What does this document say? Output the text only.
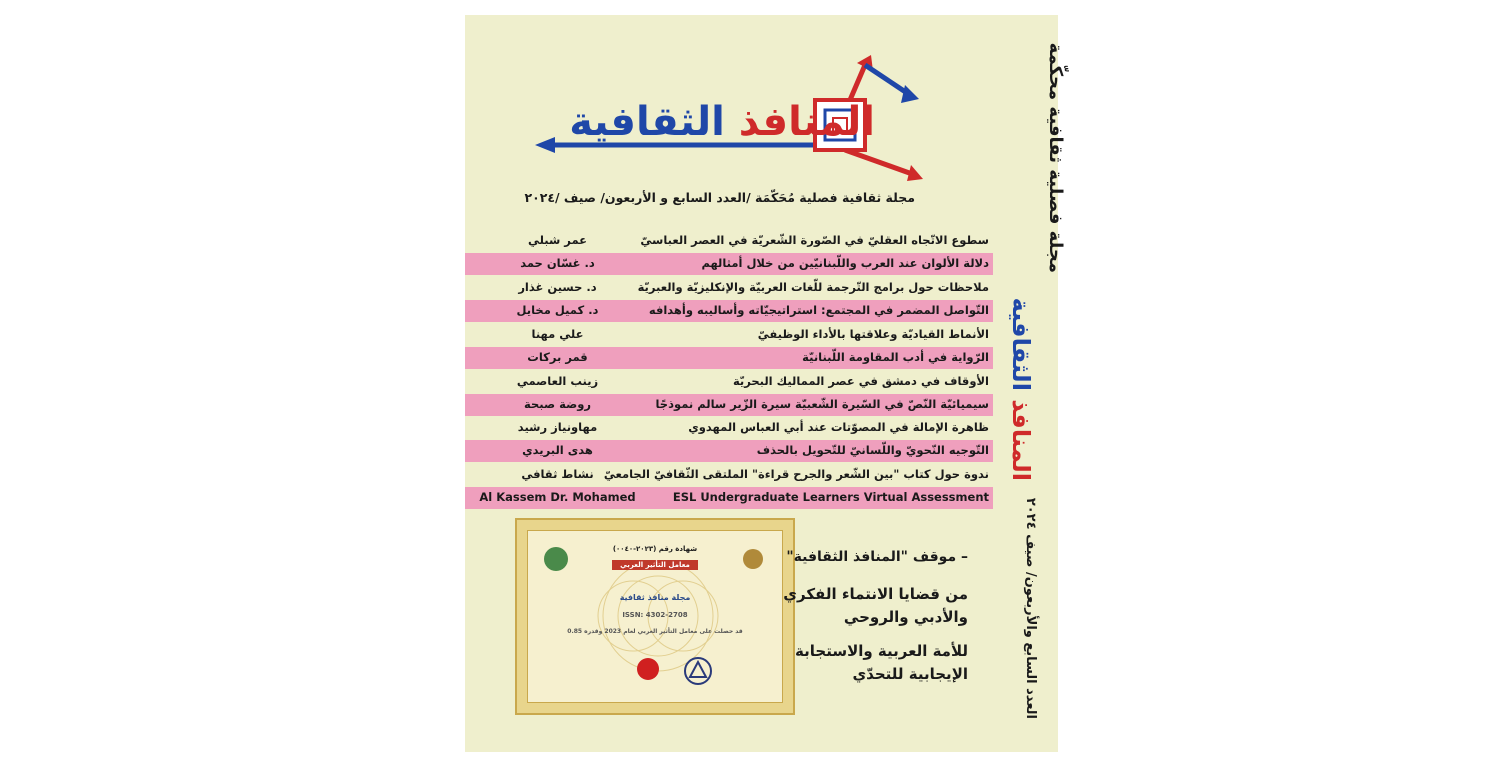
المنافذ الثقافية
مجلة ثقافية فصلية مُحَكّمَة /العدد السابع و الأربعون/ صيف /٢٠٢٤
سطوع الاتّجاه العقليّ في الصّورة الشّعريّة في العصر العباسيّ
عمر شبلي
دلالة الألوان عند العرب واللّبنانيّين من خلال أمثالهم
د. غسّان حمد
ملاحظات حول برامج التّرجمة للّغات العربيّة والإنكليزيّة والعبريّة
د. حسين غذار
التّواصل المضمر في المجتمع: استراتيجيّاته وأساليبه وأهدافه
د. كميل مخايل
الأنماط القياديّة وعلاقتها بالأداء الوظيفيّ
علي مهنا
الرّواية في أدب المقاومة اللّبنانيّة
قمر بركات
الأوقاف في دمشق في عصر المماليك البحريّة
زينب العاصمي
سيميائيّة النّصّ في السّيرة الشّعبيّة سيرة الزّير سالم نموذجًا
روضة صبحة
ظاهرة الإمالة في المصوّتات عند أبي العباس المهدوي
مهاونياز رشيد
التّوجيه النّحويّ واللّسانيّ للتّحويل بالحذف
هدى البريدي
ندوة حول كتاب "بين الشّعر والجرح قراءة" الملتقى الثّقافيّ الجامعيّ
نشاط ثقافي
ESL Undergraduate Learners Virtual Assessment
Al Kassem Dr. Mohamed
مجلة فصلية ثقافية محكّمة
المنافذ الثقافية
العدد السابع والأربعون/ صيف ٢٠٢٤
شهادة رقم (٢٠٢٣-٠٠٤٠)
معامل التأثير العربي
مجلة منافذ ثقافية
ISSN: 4302-2708
قد حصلت على معامل التأثير العربي لعام 2023 وقدره 0.85
– موقف "المنافذ الثقافية"
من قضايا الانتماء الفكري
والأدبي والروحي
للأمة العربية والاستجابة
الإيجابية للتحدّي
